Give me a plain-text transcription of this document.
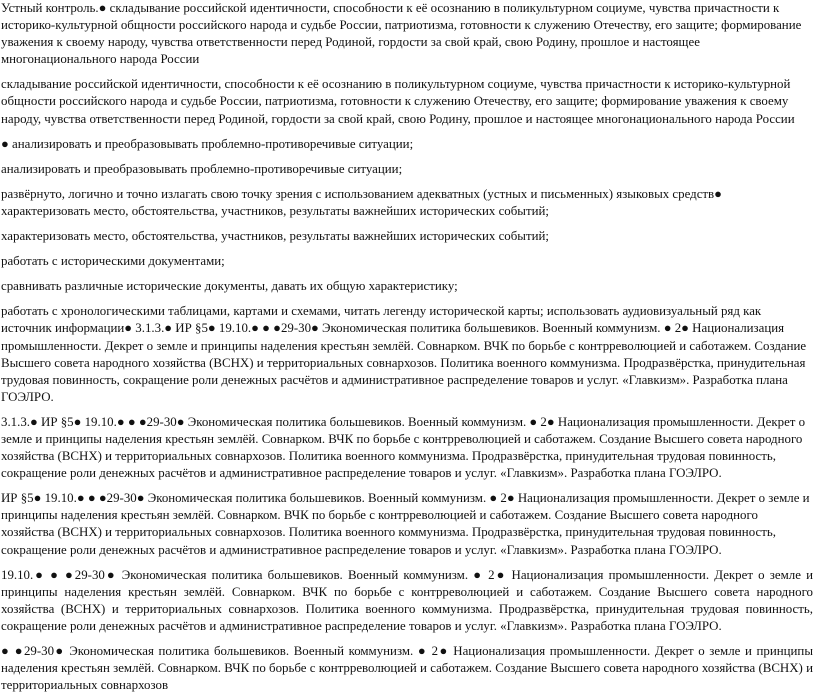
Устный контроль.● складывание российской идентичности, способности к её осознанию в поликультурном социуме, чувства причастности к историко-культурной общности российского народа и судьбе России, патриотизма, готовности к служению Отечеству, его защите; формирование уважения к своему народу, чувства ответственности перед Родиной, гордости за свой край, свою Родину, прошлое и настоящее многонационального народа России
складывание российской идентичности, способности к её осознанию в поликультурном социуме, чувства причастности к историко-культурной общности российского народа и судьбе России, патриотизма, готовности к служению Отечеству, его защите; формирование уважения к своему народу, чувства ответственности перед Родиной, гордости за свой край, свою Родину, прошлое и настоящее многонационального народа России
● анализировать и преобразовывать проблемно-противоречивые ситуации;
анализировать и преобразовывать проблемно-противоречивые ситуации;
развёрнуто, логично и точно излагать свою точку зрения с использованием адекватных (устных и письменных) языковых средств● характеризовать место, обстоятельства, участников, результаты важнейших исторических событий;
характеризовать место, обстоятельства, участников, результаты важнейших исторических событий;
работать с историческими документами;
сравнивать различные исторические документы, давать их общую характеристику;
работать с хронологическими таблицами, картами и схемами, читать легенду исторической карты; использовать аудиовизуальный ряд как источник информации● 3.1.3.● ИР §5● 19.10.● ● ●29-30● Экономическая политика большевиков. Военный коммунизм. ● 2● Национализация промышленности. Декрет о земле и принципы наделения крестьян землёй. Совнарком. ВЧК по борьбе с контрреволюцией и саботажем. Создание Высшего совета народного хозяйства (ВСНХ) и территориальных совнархозов. Политика военного коммунизма. Продразвёрстка, принудительная трудовая повинность, сокращение роли денежных расчётов и административное распределение товаров и услуг. «Главкизм». Разработка плана ГОЭЛРО.
3.1.3.● ИР §5● 19.10.● ● ●29-30● Экономическая политика большевиков. Военный коммунизм. ● 2● Национализация промышленности. Декрет о земле и принципы наделения крестьян землёй. Совнарком. ВЧК по борьбе с контрреволюцией и саботажем. Создание Высшего совета народного хозяйства (ВСНХ) и территориальных совнархозов. Политика военного коммунизма. Продразвёрстка, принудительная трудовая повинность, сокращение роли денежных расчётов и административное распределение товаров и услуг. «Главкизм». Разработка плана ГОЭЛРО.
ИР §5● 19.10.● ● ●29-30● Экономическая политика большевиков. Военный коммунизм. ● 2● Национализация промышленности. Декрет о земле и принципы наделения крестьян землёй. Совнарком. ВЧК по борьбе с контрреволюцией и саботажем. Создание Высшего совета народного хозяйства (ВСНХ) и территориальных совнархозов. Политика военного коммунизма. Продразвёрстка, принудительная трудовая повинность, сокращение роли денежных расчётов и административное распределение товаров и услуг. «Главкизм». Разработка плана ГОЭЛРО.
19.10.● ● ●29-30● Экономическая политика большевиков. Военный коммунизм. ● 2● Национализация промышленности. Декрет о земле и принципы наделения крестьян землёй. Совнарком. ВЧК по борьбе с контрреволюцией и саботажем. Создание Высшего совета народного хозяйства (ВСНХ) и территориальных совнархозов. Политика военного коммунизма. Продразвёрстка, принудительная трудовая повинность, сокращение роли денежных расчётов и административное распределение товаров и услуг. «Главкизм». Разработка плана ГОЭЛРО.
● ●29-30● Экономическая политика большевиков. Военный коммунизм. ● 2● Национализация промышленности. Декрет о земле и принципы наделения крестьян землёй. Совнарком. ВЧК по борьбе с контрреволюцией и саботажем. Создание Высшего совета народного хозяйства (ВСНХ) и территориальных совнархозов
